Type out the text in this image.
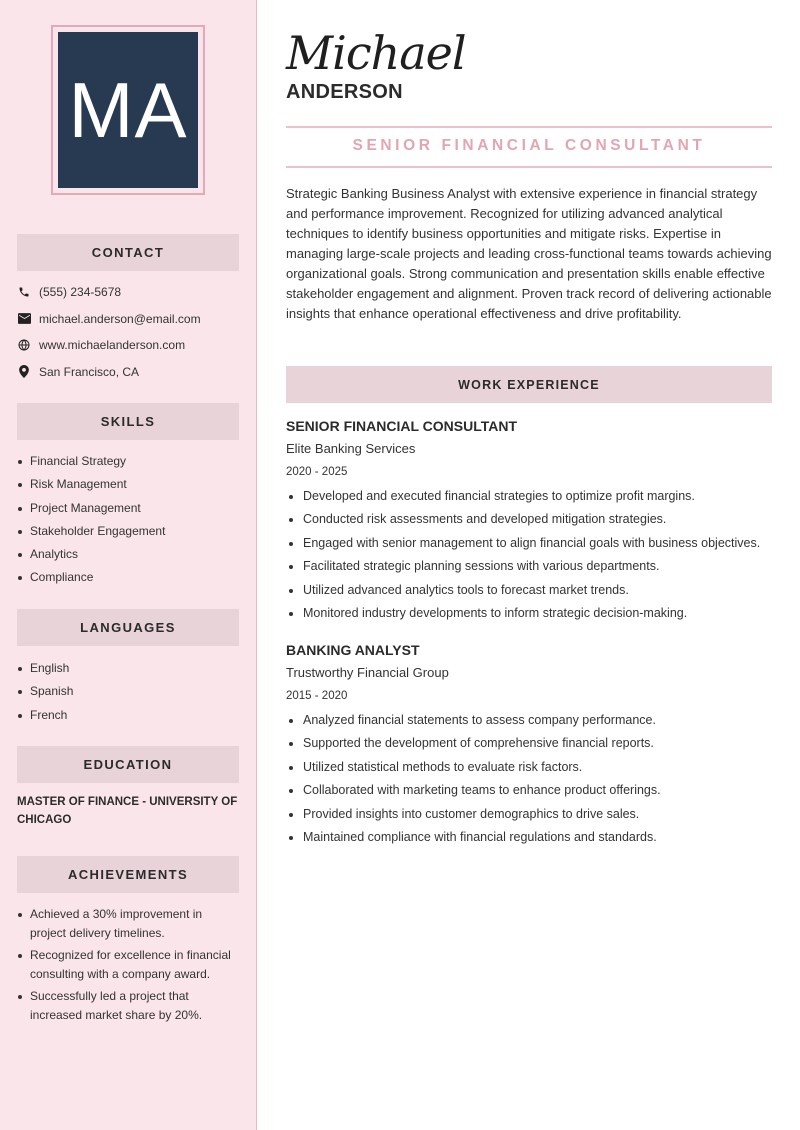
MA
CONTACT
(555) 234-5678
michael.anderson@email.com
www.michaelanderson.com
San Francisco, CA
SKILLS
Financial Strategy
Risk Management
Project Management
Stakeholder Engagement
Analytics
Compliance
LANGUAGES
English
Spanish
French
EDUCATION
MASTER OF FINANCE - UNIVERSITY OF CHICAGO
ACHIEVEMENTS
Achieved a 30% improvement in project delivery timelines.
Recognized for excellence in financial consulting with a company award.
Successfully led a project that increased market share by 20%.
Michael
ANDERSON
SENIOR FINANCIAL CONSULTANT

Strategic Banking Business Analyst with extensive experience in financial strategy and performance improvement. Recognized for utilizing advanced analytical techniques to identify business opportunities and mitigate risks. Expertise in managing large-scale projects and leading cross-functional teams towards achieving organizational goals. Strong communication and presentation skills enable effective stakeholder engagement and alignment. Proven track record of delivering actionable insights that enhance operational effectiveness and drive profitability.

WORK EXPERIENCE
SENIOR FINANCIAL CONSULTANT
Elite Banking Services
2020 - 2025
Developed and executed financial strategies to optimize profit margins.
Conducted risk assessments and developed mitigation strategies.
Engaged with senior management to align financial goals with business objectives.
Facilitated strategic planning sessions with various departments.
Utilized advanced analytics tools to forecast market trends.
Monitored industry developments to inform strategic decision-making.
BANKING ANALYST
Trustworthy Financial Group
2015 - 2020
Analyzed financial statements to assess company performance.
Supported the development of comprehensive financial reports.
Utilized statistical methods to evaluate risk factors.
Collaborated with marketing teams to enhance product offerings.
Provided insights into customer demographics to drive sales.
Maintained compliance with financial regulations and standards.
